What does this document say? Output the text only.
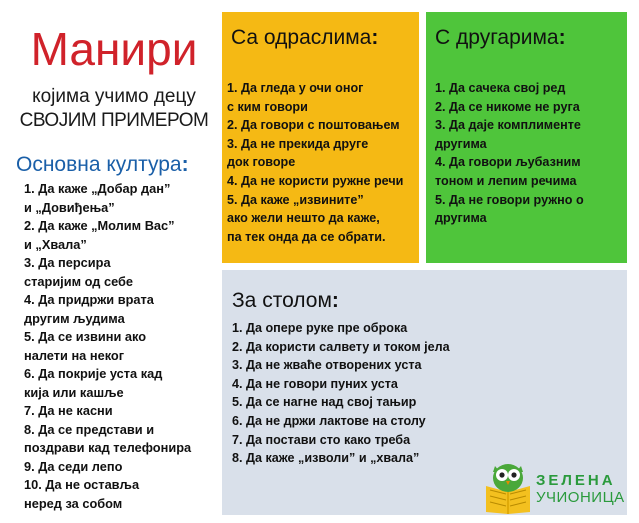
Манири
којима учимо децу
СВОЈИМ ПРИМЕРОМ
Основна култура:
1. Да каже „Добар дан”
и „Довиђења”
2. Да каже „Молим Вас”
и „Хвала”
3. Да персира
старијим од себе
4. Да придржи врата
другим људима
5. Да се извини ако
налети на неког
6. Да покрије уста кад
кија или кашље
7. Да не касни
8. Да се представи и
поздрави кад телефонира
9. Да седи лепо
10. Да не оставља
неред за собом
Са одраслима:
1. Да гледа у очи оног
с ким говори
2. Да говори с поштовањем
3. Да не прекида друге
док говоре
4. Да не користи ружне речи
5. Да каже „извините”
ако жели нешто да каже,
па тек онда да се обрати.
С другарима:
1. Да сачека свој ред
2. Да се никоме не руга
3. Да даје комплименте
другима
4. Да говори љубазним
тоном и лепим речима
5. Да не говори ружно о
другима
За столом:
1. Да опере руке пре оброка
2. Да користи салвету и током јела
3. Да не жваће отворених уста
4. Да не говори пуних уста
5. Да се нагне над свој тањир
6. Да не држи лактове на столу
7. Да постави сто како треба
8. Да каже „изволи” и „хвала”
ЗЕЛЕНА
УЧИОНИЦА
